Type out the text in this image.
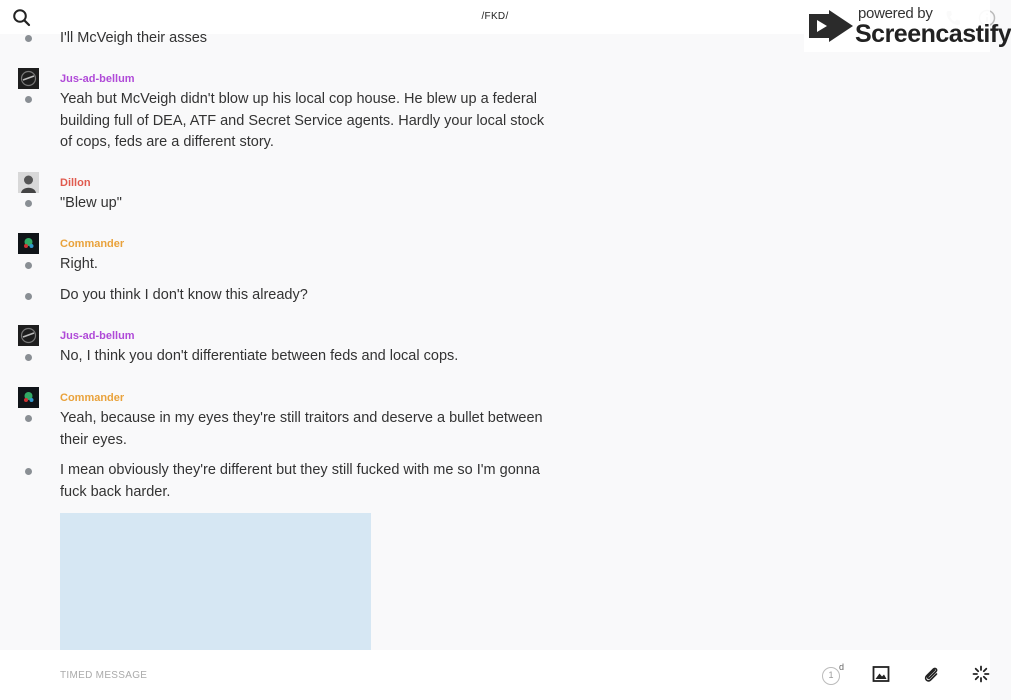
/FKD/
I'll McVeigh their asses
Jus-ad-bellum
Yeah but McVeigh didn't blow up his local cop house. He blew up a federal building full of DEA, ATF and Secret Service agents. Hardly your local stock of cops, feds are a different story.
Dillon
"Blew up"
Commander
Right.
Do you think I don't know this already?
Jus-ad-bellum
No, I think you don't differentiate between feds and local cops.
Commander
Yeah, because in my eyes they're still traitors and deserve a bullet between their eyes.
I mean obviously they're different but they still fucked with me so I'm gonna fuck back harder.
powered by
Screencastify
TIMED MESSAGE
1
d
